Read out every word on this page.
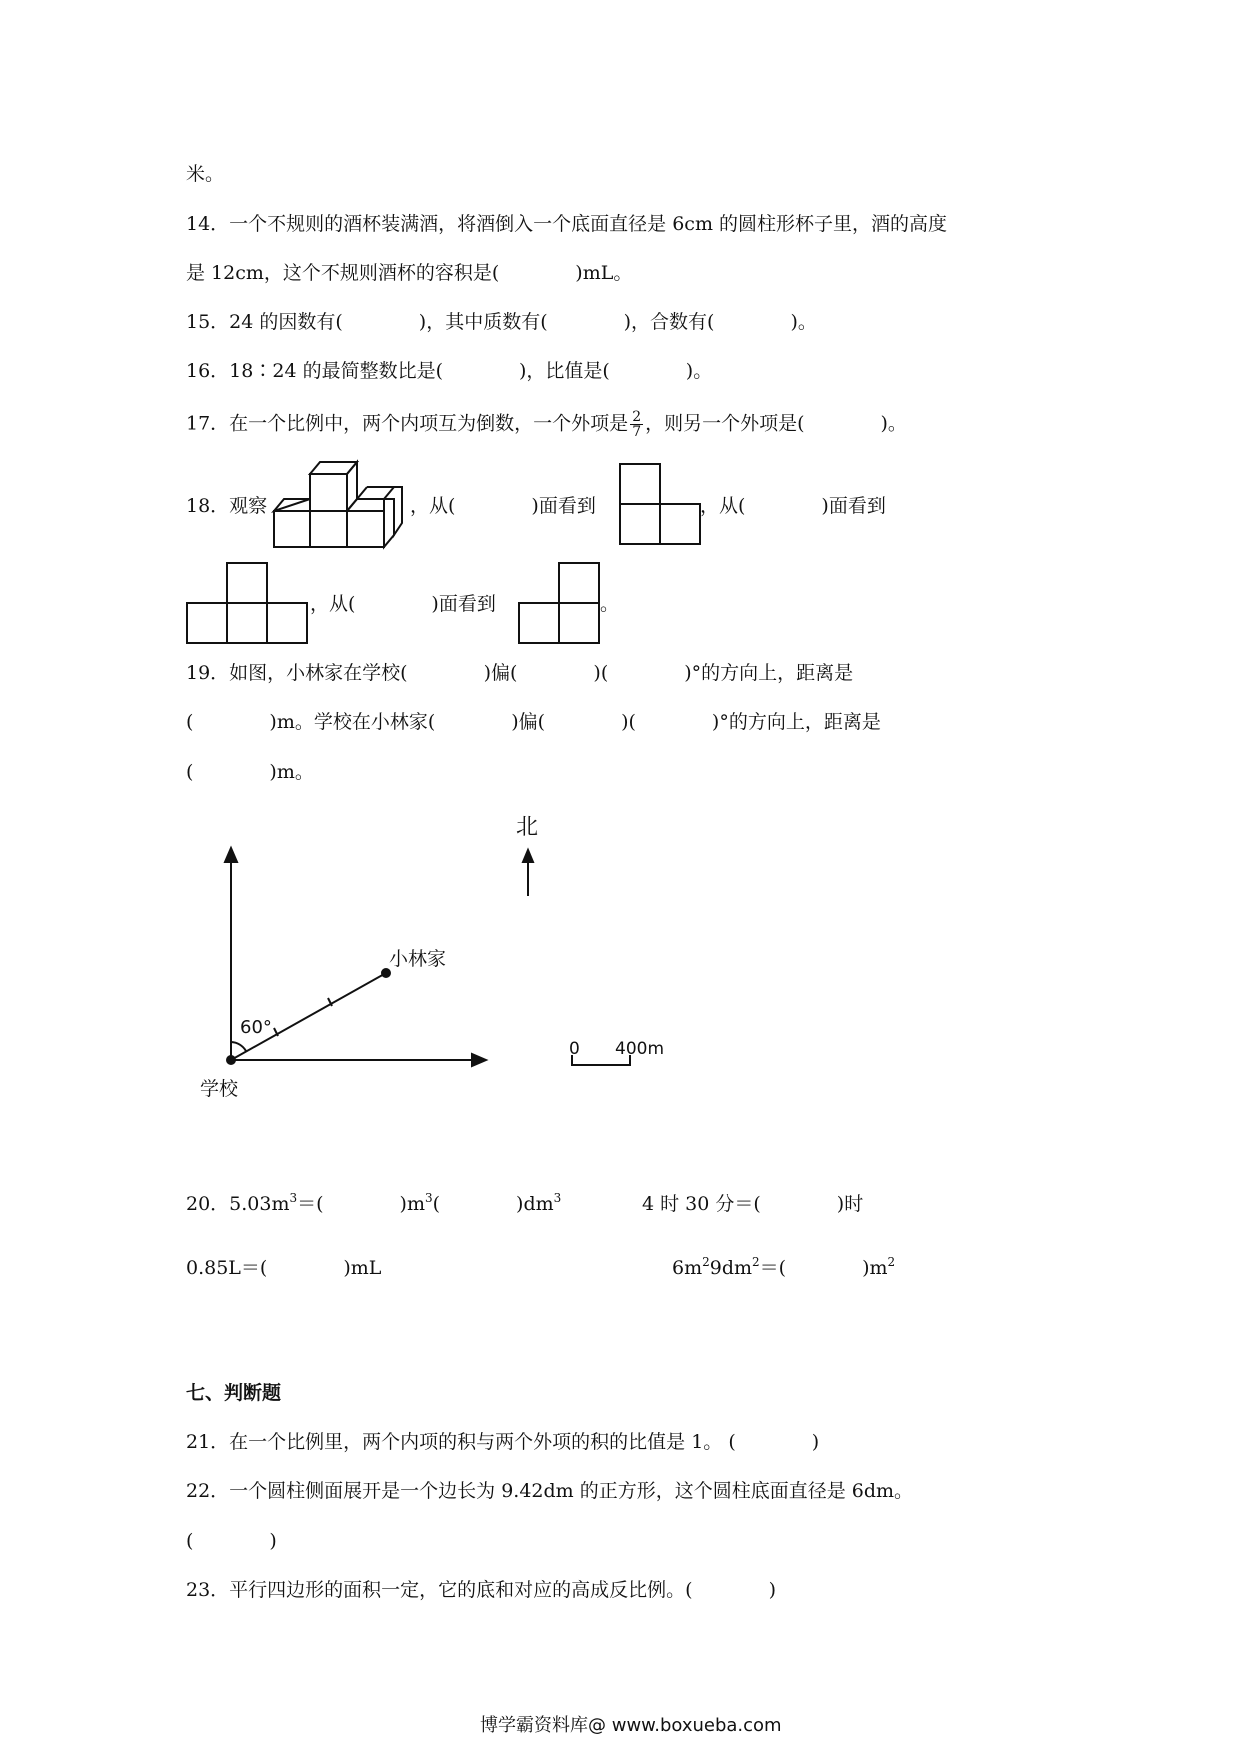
米。
14．一个不规则的酒杯装满酒，将酒倒入一个底面直径是 6cm 的圆柱形杯子里，酒的高度
是 12cm，这个不规则酒杯的容积是(　　　　)mL。
15．24 的因数有(　　　　)，其中质数有(　　　　)，合数有(　　　　)。
16．18∶24 的最简整数比是(　　　　)，比值是(　　　　)。
17．在一个比例中，两个内项互为倒数，一个外项是 $\frac{2}{7}$ ，则另一个外项是(　　　　)。
18．观察	，从(　　　　)面看到	，从(　　　　)面看到
，从(　　　　)面看到	。
19．如图，小林家在学校(　　　　)偏(　　　　)(　　　　)°的方向上，距离是
(　　　　)m。学校在小林家(　　　　)偏(　　　　)(　　　　)°的方向上，距离是
(　　　　)m。
北
小林家
60°
学校
0 400m
20．$5.03m^3=$(　　　　)$m^3$(　　　　)$dm^3$	4 时 30 分＝(　　　　)时
0.85L＝(　　　　)mL	$6m^29dm^2=$(　　　　)$m^2$
七、判断题
21．在一个比例里，两个内项的积与两个外项的积的比值是 1。 (　　　　)
22．一个圆柱侧面展开是一个边长为 9.42dm 的正方形，这个圆柱底面直径是 6dm。
(　　　　)
23．平行四边形的面积一定，它的底和对应的高成反比例。(　　　　)
博学霸资料库@ www.boxueba.com
